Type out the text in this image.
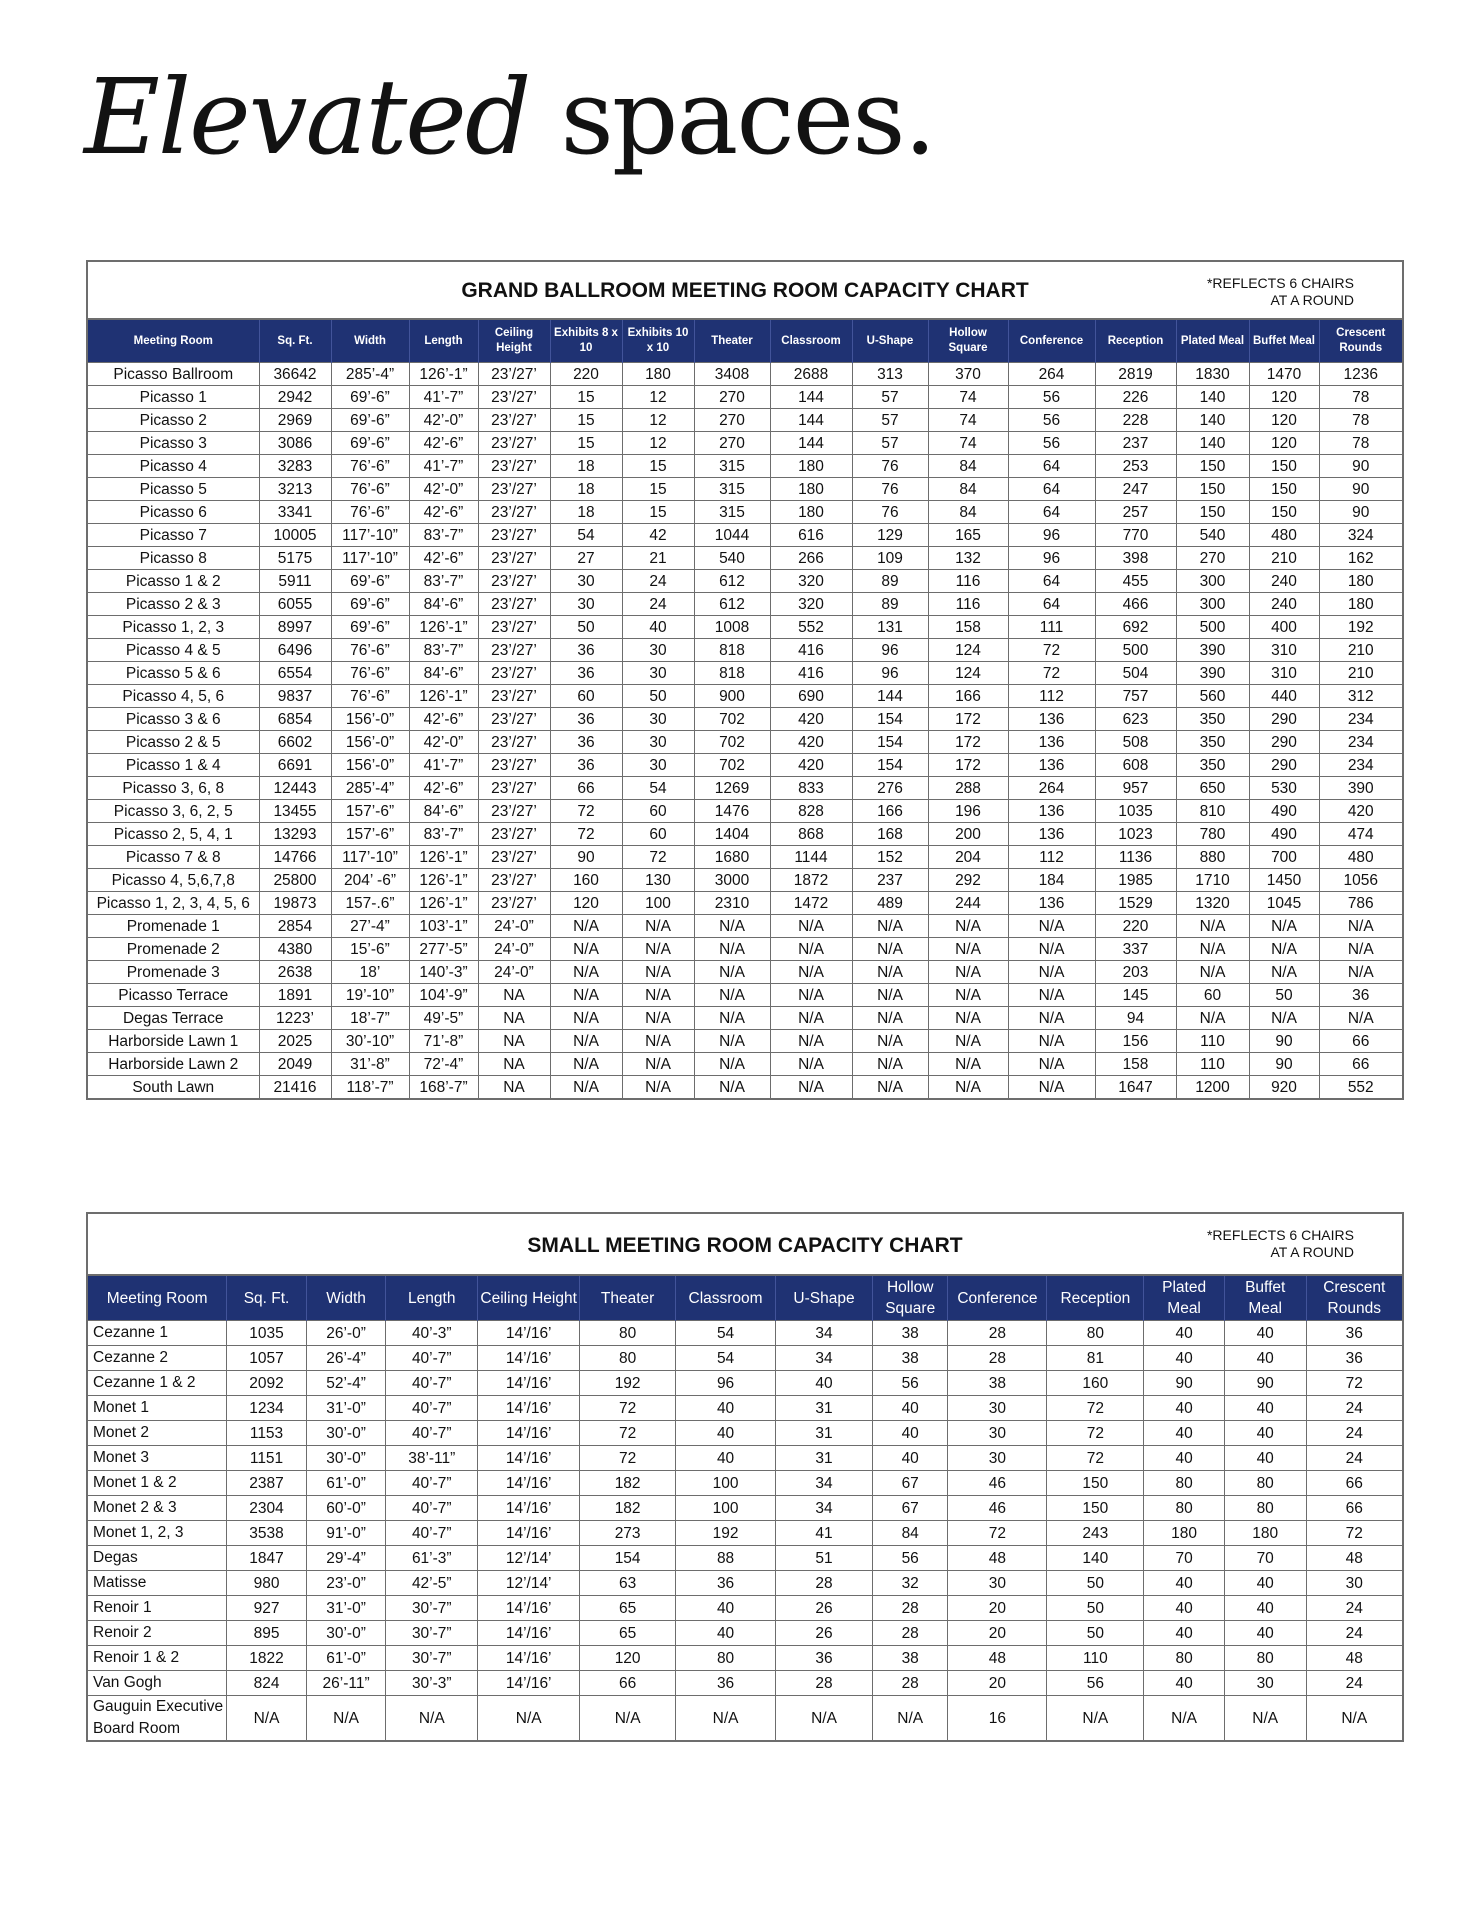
Elevated spaces.
GRAND BALLROOM MEETING ROOM CAPACITY CHART	*REFLECTS 6 CHAIRS
AT A ROUND
Meeting Room	Sq. Ft.	Width	Length	Ceiling Height	Exhibits 8 x 10	Exhibits 10 x 10	Theater	Classroom	U-Shape	Hollow Square	Conference	Reception	Plated Meal	Buffet Meal	Crescent Rounds
Picasso Ballroom	36642	285’-4”	126’-1”	23’/27’	220	180	3408	2688	313	370	264	2819	1830	1470	1236
Picasso 1	2942	69’-6”	41’-7”	23’/27’	15	12	270	144	57	74	56	226	140	120	78
Picasso 2	2969	69’-6”	42’-0”	23’/27’	15	12	270	144	57	74	56	228	140	120	78
Picasso 3	3086	69’-6”	42’-6”	23’/27’	15	12	270	144	57	74	56	237	140	120	78
Picasso 4	3283	76’-6”	41’-7”	23’/27’	18	15	315	180	76	84	64	253	150	150	90
Picasso 5	3213	76’-6”	42’-0”	23’/27’	18	15	315	180	76	84	64	247	150	150	90
Picasso 6	3341	76’-6”	42’-6”	23’/27’	18	15	315	180	76	84	64	257	150	150	90
Picasso 7	10005	117’-10”	83’-7”	23’/27’	54	42	1044	616	129	165	96	770	540	480	324
Picasso 8	5175	117’-10”	42’-6”	23’/27’	27	21	540	266	109	132	96	398	270	210	162
Picasso 1 & 2	5911	69’-6”	83’-7”	23’/27’	30	24	612	320	89	116	64	455	300	240	180
Picasso 2 & 3	6055	69’-6”	84’-6”	23’/27’	30	24	612	320	89	116	64	466	300	240	180
Picasso 1, 2, 3	8997	69’-6”	126’-1”	23’/27’	50	40	1008	552	131	158	111	692	500	400	192
Picasso 4 & 5	6496	76’-6”	83’-7”	23’/27’	36	30	818	416	96	124	72	500	390	310	210
Picasso 5 & 6	6554	76’-6”	84’-6”	23’/27’	36	30	818	416	96	124	72	504	390	310	210
Picasso 4, 5, 6	9837	76’-6”	126’-1”	23’/27’	60	50	900	690	144	166	112	757	560	440	312
Picasso 3 & 6	6854	156’-0”	42’-6”	23’/27’	36	30	702	420	154	172	136	623	350	290	234
Picasso 2 & 5	6602	156’-0”	42’-0”	23’/27’	36	30	702	420	154	172	136	508	350	290	234
Picasso 1 & 4	6691	156’-0”	41’-7”	23’/27’	36	30	702	420	154	172	136	608	350	290	234
Picasso 3, 6, 8	12443	285’-4”	42’-6”	23’/27’	66	54	1269	833	276	288	264	957	650	530	390
Picasso 3, 6, 2, 5	13455	157’-6”	84’-6”	23’/27’	72	60	1476	828	166	196	136	1035	810	490	420
Picasso 2, 5, 4, 1	13293	157’-6”	83’-7”	23’/27’	72	60	1404	868	168	200	136	1023	780	490	474
Picasso 7 & 8	14766	117’-10”	126’-1”	23’/27’	90	72	1680	1144	152	204	112	1136	880	700	480
Picasso 4, 5,6,7,8	25800	204’ -6”	126’-1”	23’/27’	160	130	3000	1872	237	292	184	1985	1710	1450	1056
Picasso 1, 2, 3, 4, 5, 6	19873	157-.6”	126’-1”	23’/27’	120	100	2310	1472	489	244	136	1529	1320	1045	786
Promenade 1	2854	27’-4”	103’-1”	24’-0”	N/A	N/A	N/A	N/A	N/A	N/A	N/A	220	N/A	N/A	N/A
Promenade 2	4380	15’-6”	277’-5”	24’-0”	N/A	N/A	N/A	N/A	N/A	N/A	N/A	337	N/A	N/A	N/A
Promenade 3	2638	18’	140’-3”	24’-0”	N/A	N/A	N/A	N/A	N/A	N/A	N/A	203	N/A	N/A	N/A
Picasso Terrace	1891	19’-10”	104’-9”	NA	N/A	N/A	N/A	N/A	N/A	N/A	N/A	145	60	50	36
Degas Terrace	1223’	18’-7”	49’-5”	NA	N/A	N/A	N/A	N/A	N/A	N/A	N/A	94	N/A	N/A	N/A
Harborside Lawn 1	2025	30’-10”	71’-8”	NA	N/A	N/A	N/A	N/A	N/A	N/A	N/A	156	110	90	66
Harborside Lawn 2	2049	31’-8”	72’-4”	NA	N/A	N/A	N/A	N/A	N/A	N/A	N/A	158	110	90	66
South Lawn	21416	118’-7”	168’-7”	NA	N/A	N/A	N/A	N/A	N/A	N/A	N/A	1647	1200	920	552
SMALL MEETING ROOM CAPACITY CHART	*REFLECTS 6 CHAIRS
AT A ROUND
Meeting Room	Sq. Ft.	Width	Length	Ceiling Height	Theater	Classroom	U-Shape	Hollow Square	Conference	Reception	Plated Meal	Buffet Meal	Crescent Rounds
Cezanne 1	1035	26’-0”	40’-3”	14’/16’	80	54	34	38	28	80	40	40	36
Cezanne 2	1057	26’-4”	40’-7”	14’/16’	80	54	34	38	28	81	40	40	36
Cezanne 1 & 2	2092	52’-4”	40’-7”	14’/16’	192	96	40	56	38	160	90	90	72
Monet 1	1234	31’-0”	40’-7”	14’/16’	72	40	31	40	30	72	40	40	24
Monet 2	1153	30’-0”	40’-7”	14’/16’	72	40	31	40	30	72	40	40	24
Monet 3	1151	30’-0”	38’-11”	14’/16’	72	40	31	40	30	72	40	40	24
Monet 1 & 2	2387	61’-0”	40’-7”	14’/16’	182	100	34	67	46	150	80	80	66
Monet 2 & 3	2304	60’-0”	40’-7”	14’/16’	182	100	34	67	46	150	80	80	66
Monet 1, 2, 3	3538	91’-0”	40’-7”	14’/16’	273	192	41	84	72	243	180	180	72
Degas	1847	29’-4”	61’-3”	12’/14’	154	88	51	56	48	140	70	70	48
Matisse	980	23’-0”	42’-5”	12’/14’	63	36	28	32	30	50	40	40	30
Renoir 1	927	31’-0”	30’-7”	14’/16’	65	40	26	28	20	50	40	40	24
Renoir 2	895	30’-0”	30’-7”	14’/16’	65	40	26	28	20	50	40	40	24
Renoir 1 & 2	1822	61’-0”	30’-7”	14’/16’	120	80	36	38	48	110	80	80	48
Van Gogh	824	26’-11”	30’-3”	14’/16’	66	36	28	28	20	56	40	30	24
Gauguin Executive Board Room	N/A	N/A	N/A	N/A	N/A	N/A	N/A	N/A	16	N/A	N/A	N/A	N/A
